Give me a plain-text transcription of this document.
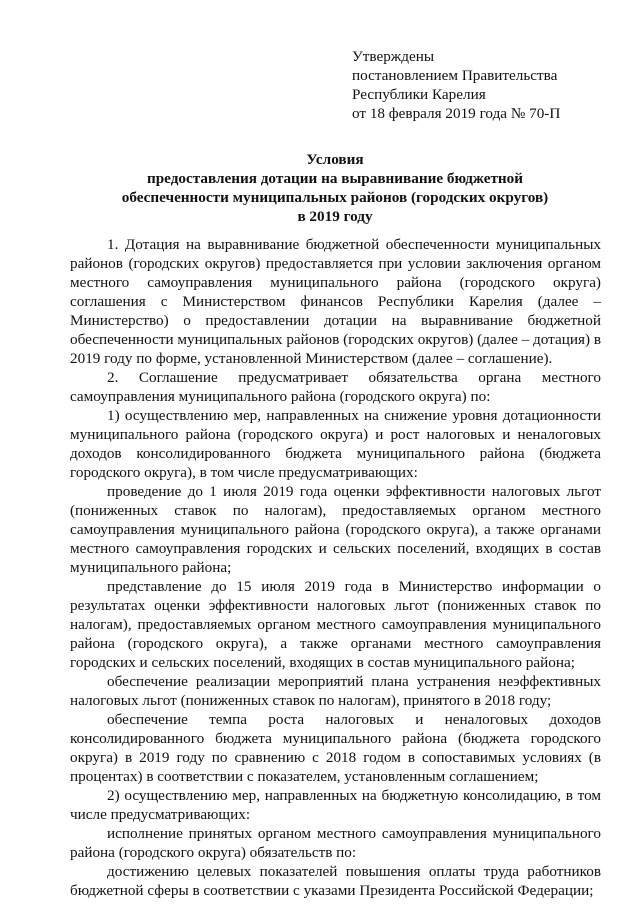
Утверждены
постановлением Правительства
Республики Карелия
от 18 февраля 2019 года № 70-П
Условия
предоставления дотации на выравнивание бюджетной
обеспеченности муниципальных районов (городских округов)
в 2019 году

1. Дотация на выравнивание бюджетной обеспеченности муниципальных районов (городских округов) предоставляется при условии заключения органом местного самоуправления муниципального района (городского округа) соглашения с Министерством финансов Республики Карелия (далее – Министерство) о предоставлении дотации на выравнивание бюджетной обеспеченности муниципальных районов (городских округов) (далее – дотация) в 2019 году по форме, установленной Министерством (далее – соглашение).

2. Соглашение предусматривает обязательства органа местного самоуправления муниципального района (городского округа) по:

1) осуществлению мер, направленных на снижение уровня дотационности муниципального района (городского округа) и рост налоговых и неналоговых доходов консолидированного бюджета муниципального района (бюджета городского округа), в том числе предусматривающих:

проведение до 1 июля 2019 года оценки эффективности налоговых льгот (пониженных ставок по налогам), предоставляемых органом местного самоуправления муниципального района (городского округа), а также органами местного самоуправления городских и сельских поселений, входящих в состав муниципального района;

представление до 15 июля 2019 года в Министерство информации о результатах оценки эффективности налоговых льгот (пониженных ставок по налогам), предоставляемых органом местного самоуправления муниципального района (городского округа), а также органами местного самоуправления городских и сельских поселений, входящих в состав муниципального района;

обеспечение реализации мероприятий плана устранения неэффективных налоговых льгот (пониженных ставок по налогам), принятого в 2018 году;

обеспечение темпа роста налоговых и неналоговых доходов консолидированного бюджета муниципального района (бюджета городского округа) в 2019 году по сравнению с 2018 годом в сопоставимых условиях (в процентах) в соответствии с показателем, установленным соглашением;

2) осуществлению мер, направленных на бюджетную консолидацию, в том числе предусматривающих:

исполнение принятых органом местного самоуправления муниципального района (городского округа) обязательств по:

достижению целевых показателей повышения оплаты труда работников бюджетной сферы в соответствии с указами Президента Российской Федерации;
